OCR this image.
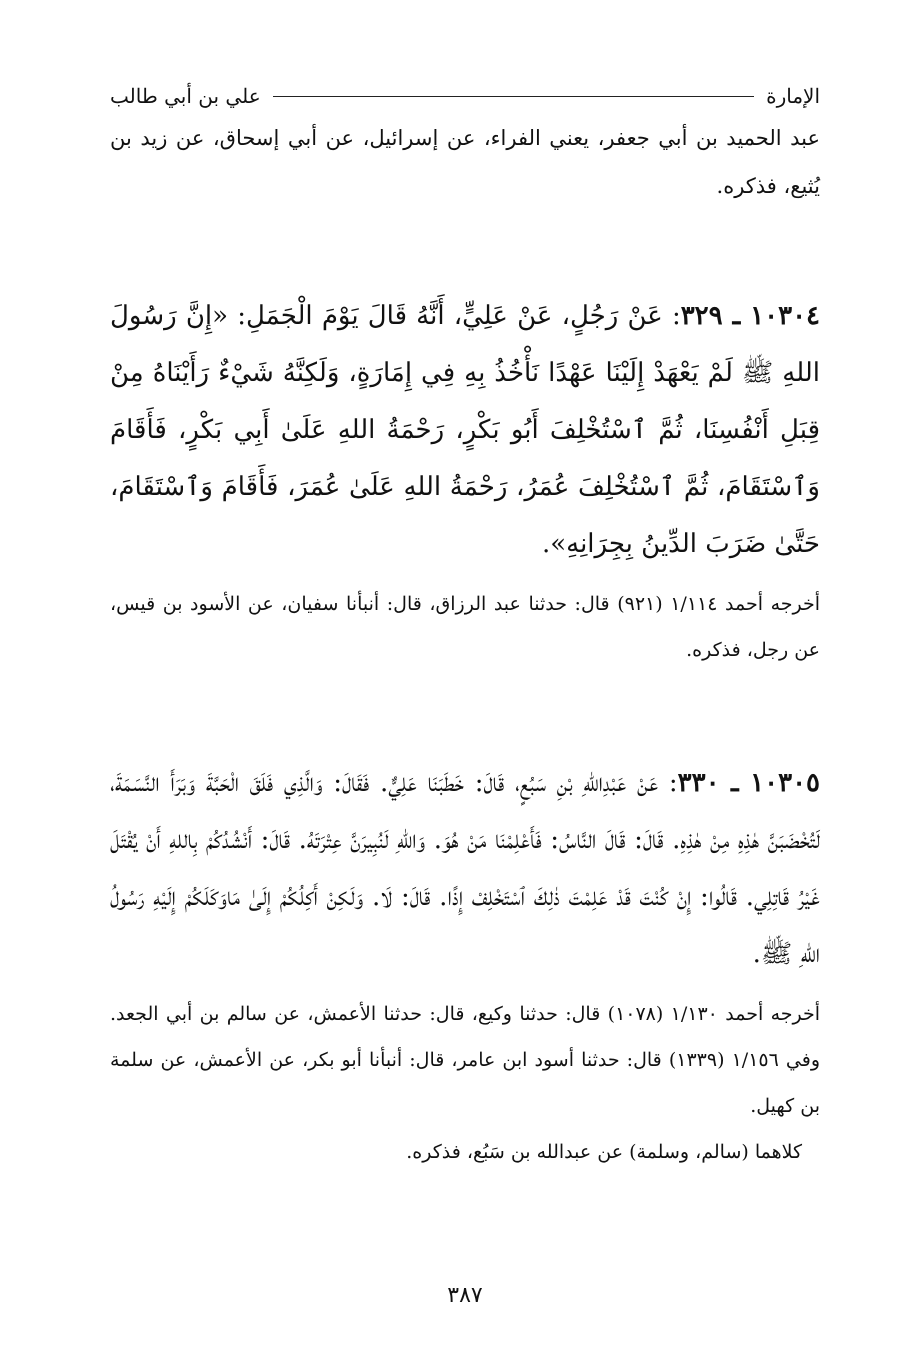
الإمارة
علي بن أبي طالب

عبد الحميد بن أبي جعفر، يعني الفراء، عن إسرائيل، عن أبي إسحاق، عن زيد بن يُثيع، فذكره.

١٠٣٠٤ ـ ٣٢٩: عَنْ رَجُلٍ، عَنْ عَلِيٍّ، أَنَّهُ قَالَ يَوْمَ الْجَمَلِ: «إِنَّ رَسُولَ اللهِ ﷺ لَمْ يَعْهَدْ إِلَيْنَا عَهْدًا نَأْخُذُ بِهِ فِي إِمَارَةٍ، وَلَكِنَّهُ شَيْءٌ رَأَيْنَاهُ مِنْ قِبَلِ أَنْفُسِنَا، ثُمَّ ٱسْتُخْلِفَ أَبُو بَكْرٍ، رَحْمَةُ اللهِ عَلَىٰ أَبِي بَكْرٍ، فَأَقَامَ وَٱسْتَقَامَ، ثُمَّ ٱسْتُخْلِفَ عُمَرُ، رَحْمَةُ اللهِ عَلَىٰ عُمَرَ، فَأَقَامَ وَٱسْتَقَامَ، حَتَّىٰ ضَرَبَ الدِّينُ بِجِرَانِهِ».

أخرجه أحمد ١/١١٤ (٩٢١) قال: حدثنا عبد الرزاق، قال: أنبأنا سفيان، عن الأسود بن قيس، عن رجل، فذكره.

١٠٣٠٥ ـ ٣٣٠: عَنْ عَبْدِاللهِ بْنِ سَبُعٍ، قَالَ: خَطَبَنَا عَلِيٌّ. فَقَالَ: وَالَّذِي فَلَقَ الْحَبَّةَ وَبَرَأَ النَّسَمَةَ، لَتُخْضَبَنَّ هٰذِهِ مِنْ هٰذِهِ. قَالَ: قَالَ النَّاسُ: فَأَعْلِمْنَا مَنْ هُوَ. وَاللهِ لَنُبِيرَنَّ عِتْرَتَهُ. قَالَ: أَنْشُدُكُمْ بِاللهِ أَنْ يُقْتَلَ غَيْرُ قَاتِلِي. قَالُوا: إِنْ كُنْتَ قَدْ عَلِمْتَ ذٰلِكَ ٱسْتَخْلِفْ إِذًا. قَالَ: لَا. وَلَكِنْ أَكِلُكُمْ إِلَىٰ مَاوَكَلَكُمْ إِلَيْهِ رَسُولُ اللهِ ﷺ.

أخرجه أحمد ١/١٣٠ (١٠٧٨) قال: حدثنا وكيع، قال: حدثنا الأعمش، عن سالم بن أبي الجعد. وفي ١/١٥٦ (١٣٣٩) قال: حدثنا أسود ابن عامر، قال: أنبأنا أبو بكر، عن الأعمش، عن سلمة بن كهيل.

كلاهما (سالم، وسلمة) عن عبدالله بن سَبُع، فذكره.

٣٨٧
